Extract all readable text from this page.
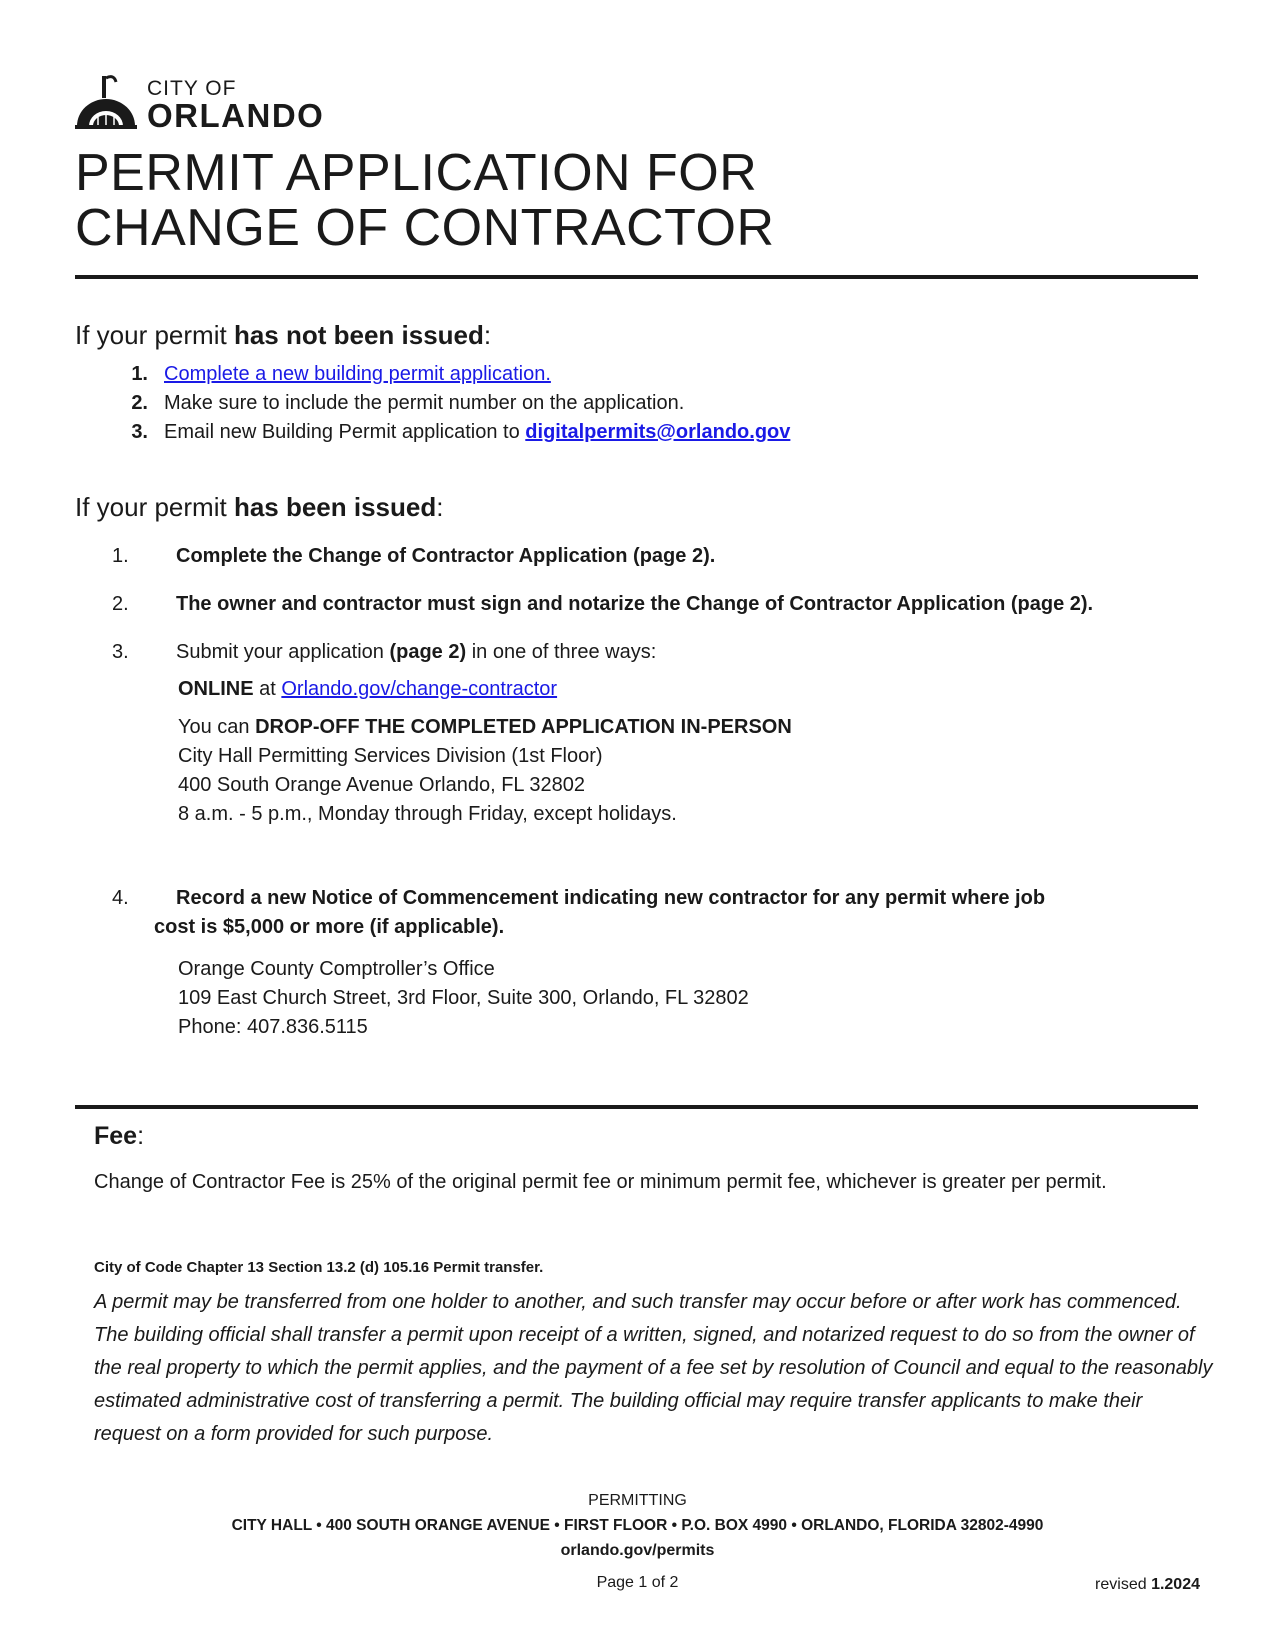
CITY OF
ORLANDO
PERMIT APPLICATION FOR
CHANGE OF CONTRACTOR
If your permit has not been issued:
1. Complete a new building permit application.
2. Make sure to include the permit number on the application.
3. Email new Building Permit application to digitalpermits@orlando.gov
If your permit has been issued:
1. Complete the Change of Contractor Application (page 2).
2. The owner and contractor must sign and notarize the Change of Contractor Application (page 2).
3. Submit your application (page 2) in one of three ways:
ONLINE at Orlando.gov/change-contractor
You can DROP-OFF THE COMPLETED APPLICATION IN-PERSON
City Hall Permitting Services Division (1st Floor)
400 South Orange Avenue Orlando, FL 32802
8 a.m. - 5 p.m., Monday through Friday, except holidays.
4. Record a new Notice of Commencement indicating new contractor for any permit where job
cost is $5,000 or more (if applicable).
Orange County Comptroller’s Office
109 East Church Street, 3rd Floor, Suite 300, Orlando, FL 32802
Phone: 407.836.5115
Fee:
Change of Contractor Fee is 25% of the original permit fee or minimum permit fee, whichever is greater per permit.
City of Code Chapter 13 Section 13.2 (d) 105.16 Permit transfer.
A permit may be transferred from one holder to another, and such transfer may occur before or after work has commenced. The building official shall transfer a permit upon receipt of a written, signed, and notarized request to do so from the owner of the real property to which the permit applies, and the payment of a fee set by resolution of Council and equal to the reasonably estimated administrative cost of transferring a permit. The building official may require transfer applicants to make their request on a form provided for such purpose.
PERMITTING
CITY HALL • 400 SOUTH ORANGE AVENUE • FIRST FLOOR • P.O. BOX 4990 • ORLANDO, FLORIDA 32802-4990
orlando.gov/permits
Page 1 of 2	revised 1.2024
